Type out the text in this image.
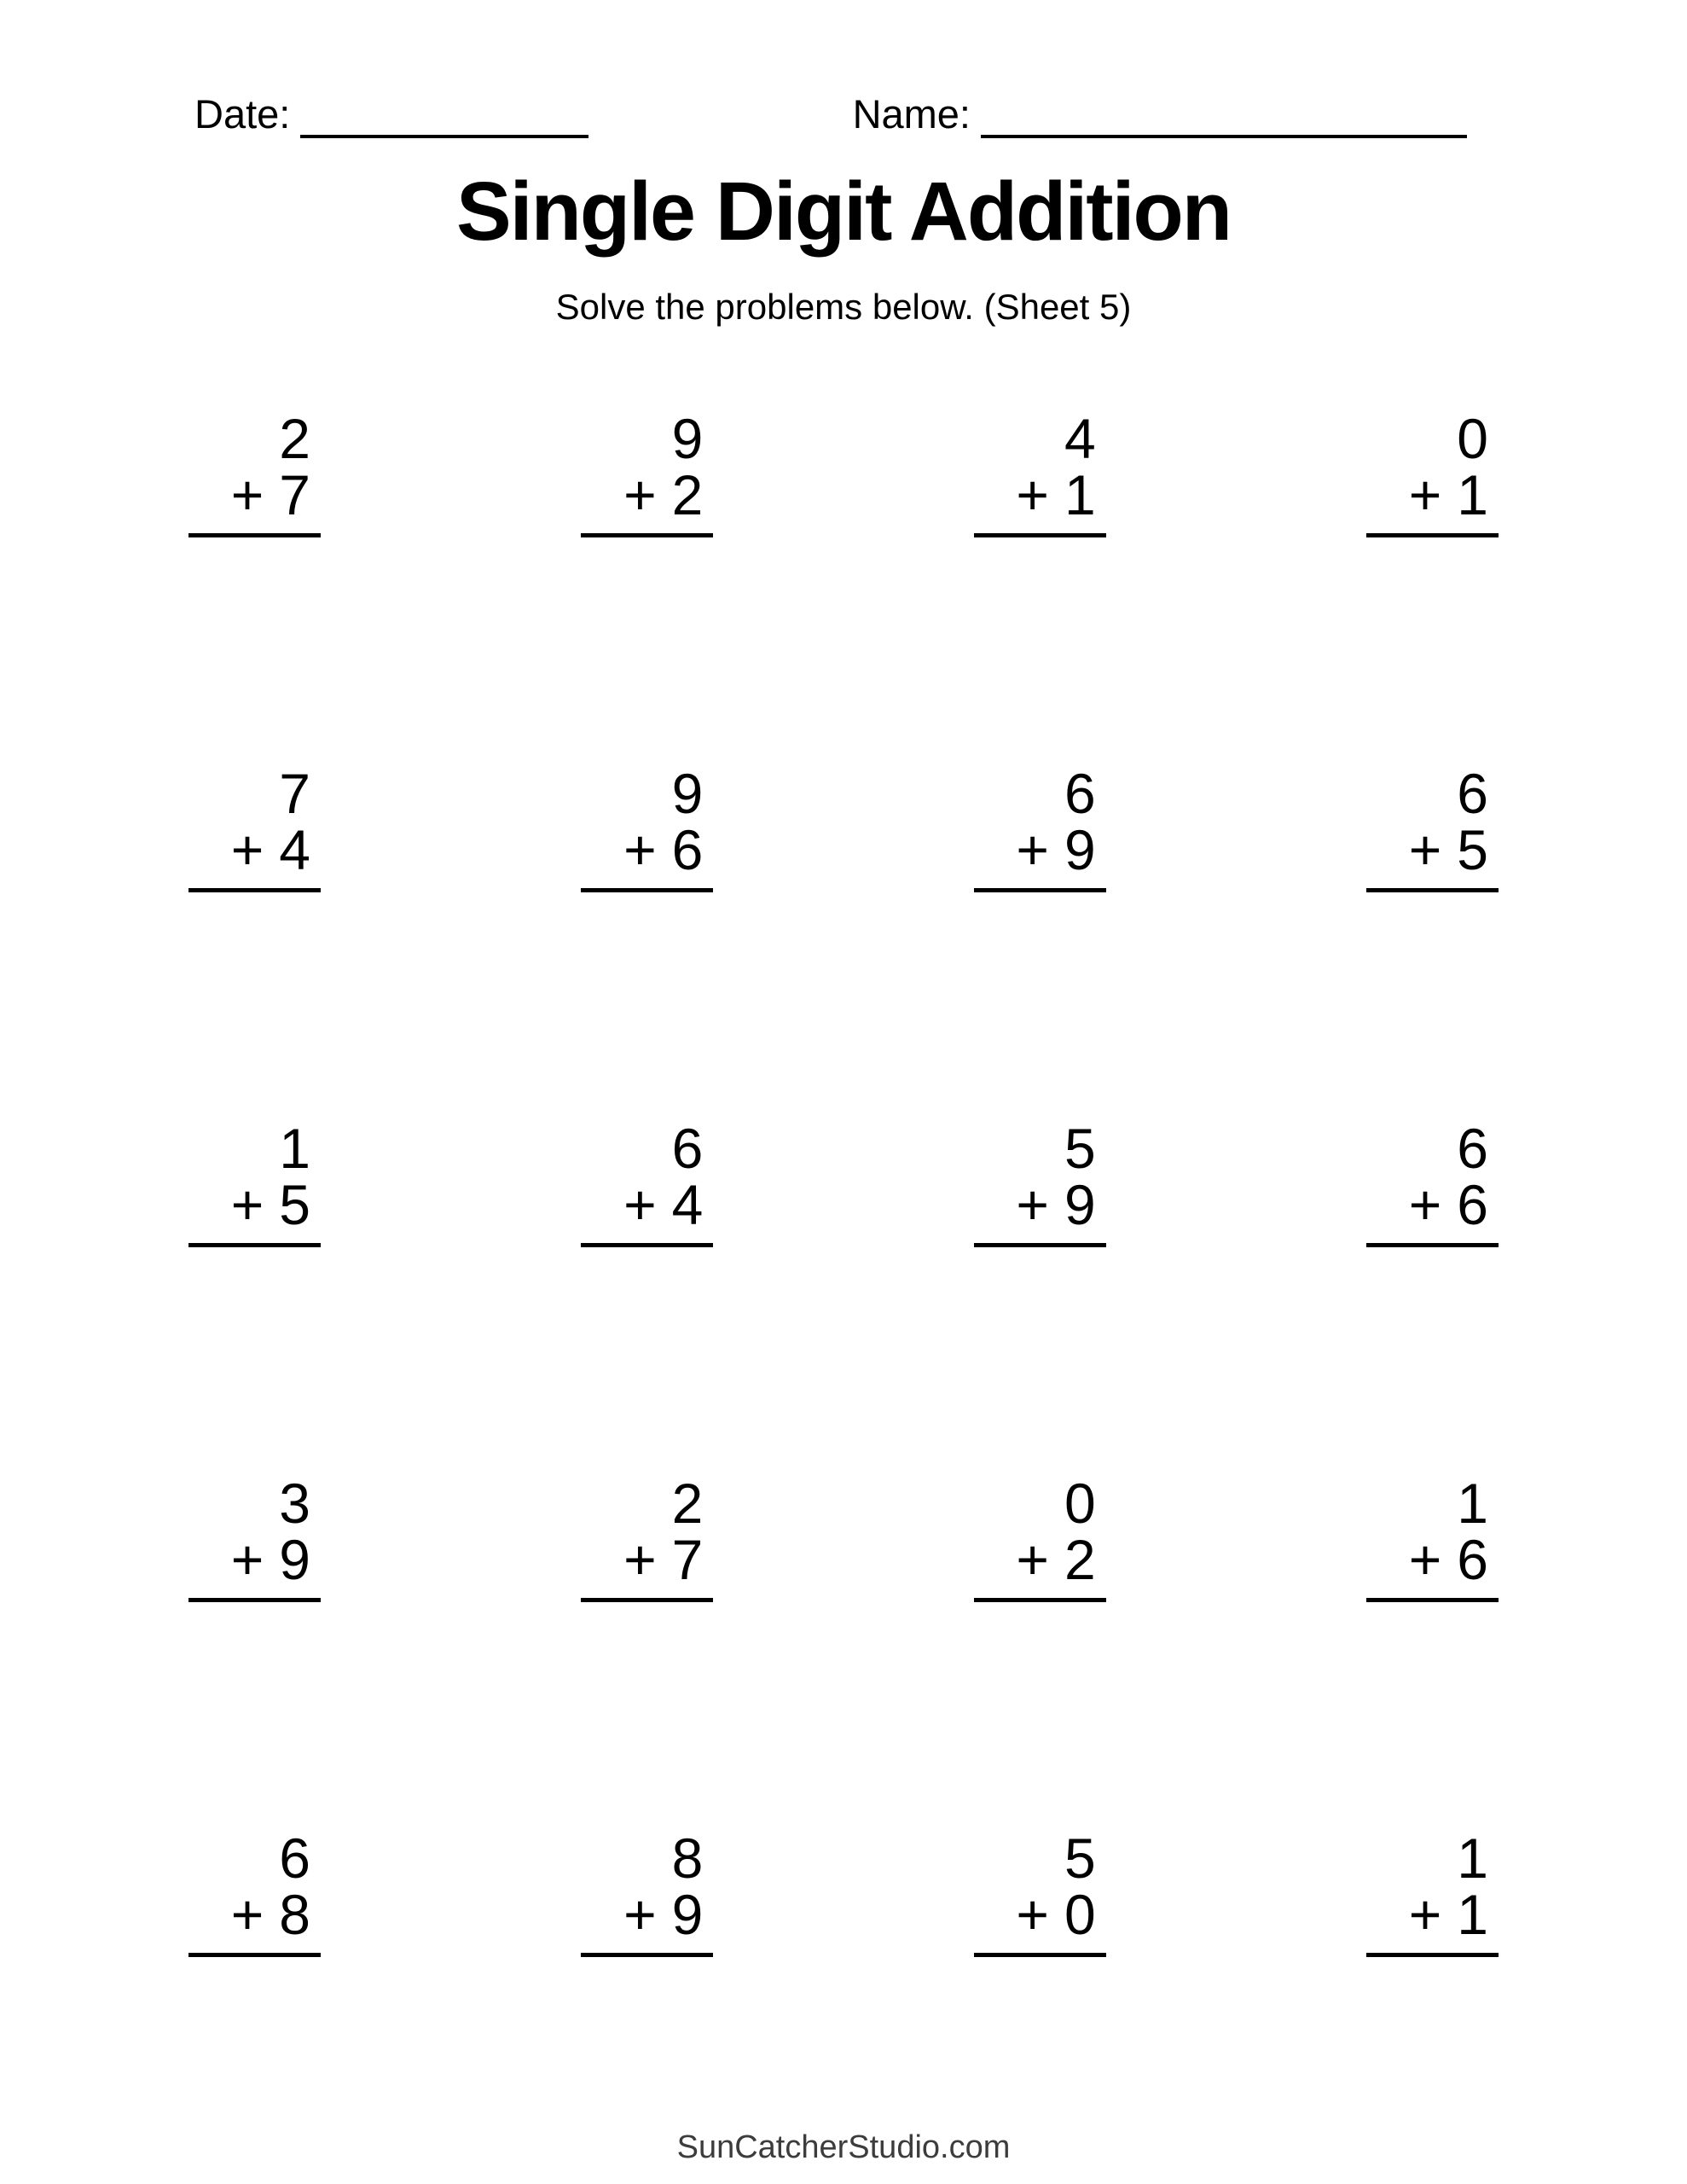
Date:	Name:
Single Digit Addition
Solve the problems below. (Sheet 5)
2
+ 7
9
+ 2
4
+ 1
0
+ 1
7
+ 4
9
+ 6
6
+ 9
6
+ 5
1
+ 5
6
+ 4
5
+ 9
6
+ 6
3
+ 9
2
+ 7
0
+ 2
1
+ 6
6
+ 8
8
+ 9
5
+ 0
1
+ 1
SunCatcherStudio.com
